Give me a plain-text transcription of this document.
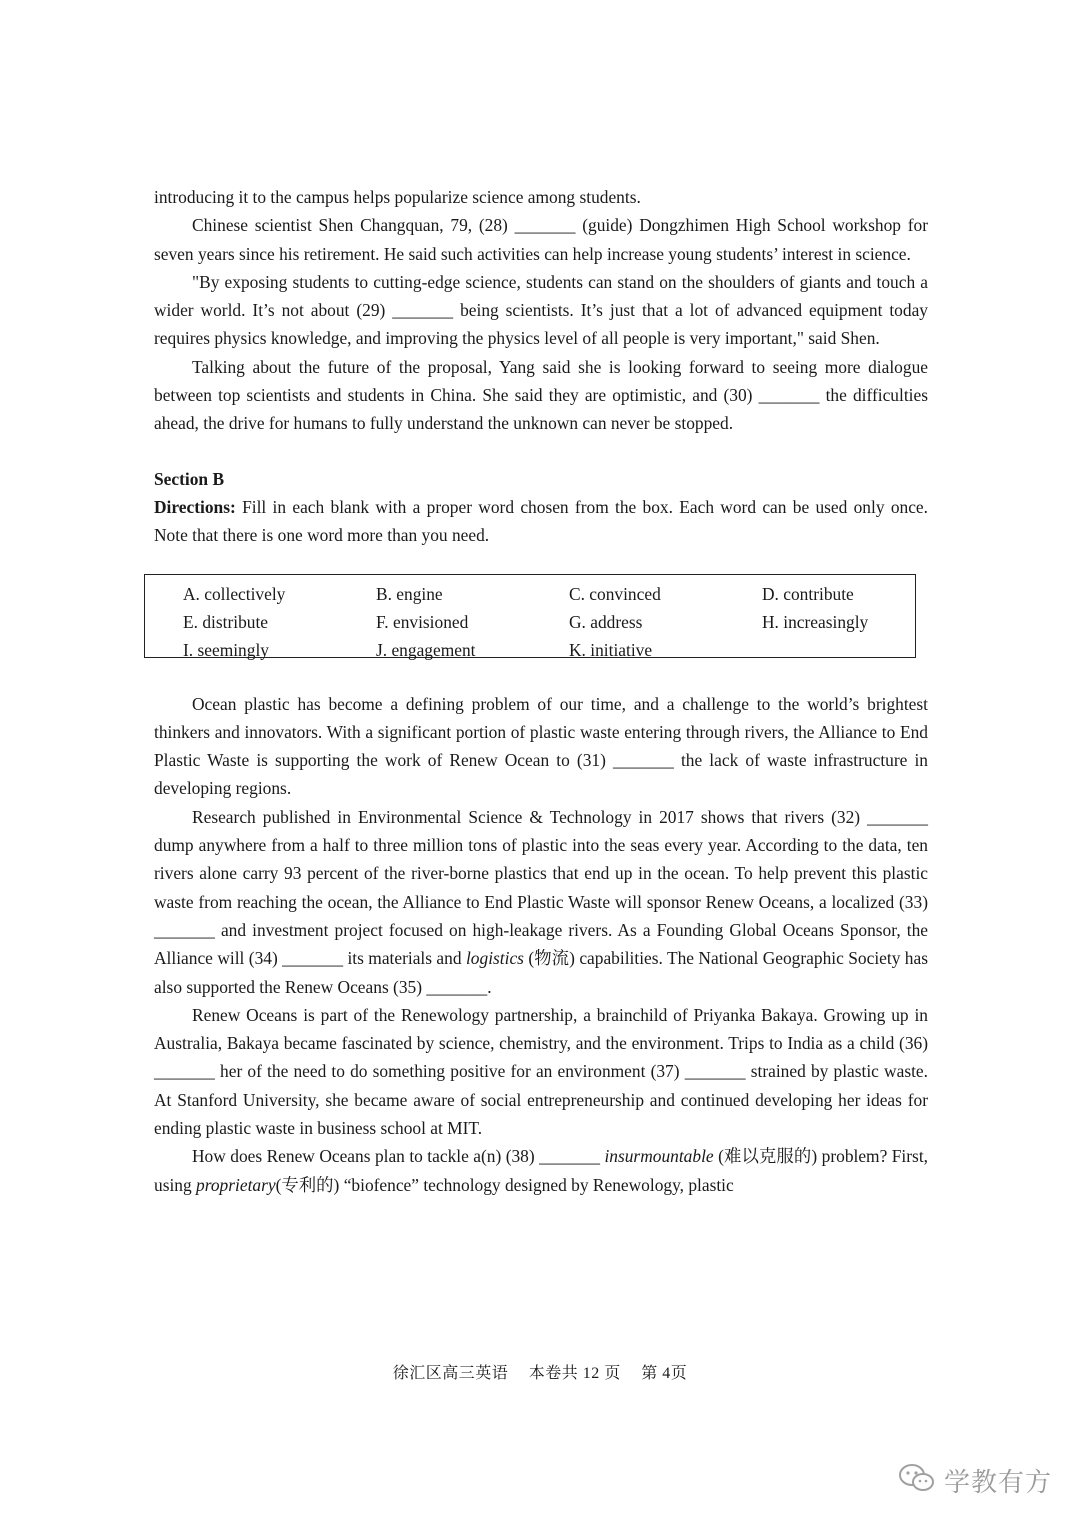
introducing it to the campus helps popularize science among students.

Chinese scientist Shen Changquan, 79, (28) _______ (guide) Dongzhimen High School workshop for seven years since his retirement. He said such activities can help increase young students’ interest in science.

"By exposing students to cutting-edge science, students can stand on the shoulders of giants and touch a wider world. It’s not about (29) _______ being scientists. It’s just that a lot of advanced equipment today requires physics knowledge, and improving the physics level of all people is very important," said Shen.

Talking about the future of the proposal, Yang said she is looking forward to seeing more dialogue between top scientists and students in China. She said they are optimistic, and (30) _______ the difficulties ahead, the drive for humans to fully understand the unknown can never be stopped.

Section B

Directions: Fill in each blank with a proper word chosen from the box. Each word can be used only once. Note that there is one word more than you need.

A. collectively	B. engine	C. convinced	D. contribute
E. distribute	F. envisioned	G. address	H. increasingly
I. seemingly	J. engagement	K. initiative

Ocean plastic has become a defining problem of our time, and a challenge to the world’s brightest thinkers and innovators. With a significant portion of plastic waste entering through rivers, the Alliance to End Plastic Waste is supporting the work of Renew Ocean to (31) _______ the lack of waste infrastructure in developing regions.

Research published in Environmental Science & Technology in 2017 shows that rivers (32) _______ dump anywhere from a half to three million tons of plastic into the seas every year. According to the data, ten rivers alone carry 93 percent of the river-borne plastics that end up in the ocean. To help prevent this plastic waste from reaching the ocean, the Alliance to End Plastic Waste will sponsor Renew Oceans, a localized (33) _______ and investment project focused on high-leakage rivers. As a Founding Global Oceans Sponsor, the Alliance will (34) _______ its materials and logistics (物流) capabilities. The National Geographic Society has also supported the Renew Oceans (35) _______.

Renew Oceans is part of the Renewology partnership, a brainchild of Priyanka Bakaya. Growing up in Australia, Bakaya became fascinated by science, chemistry, and the environment. Trips to India as a child (36) _______ her of the need to do something positive for an environment (37) _______ strained by plastic waste. At Stanford University, she became aware of social entrepreneurship and continued developing her ideas for ending plastic waste in business school at MIT.

How does Renew Oceans plan to tackle a(n) (38) _______ insurmountable (难以克服的) problem? First, using proprietary(专利的) “biofence” technology designed by Renewology, plastic

徐汇区高三英语 本卷共 12 页 第 4页
学教有方
